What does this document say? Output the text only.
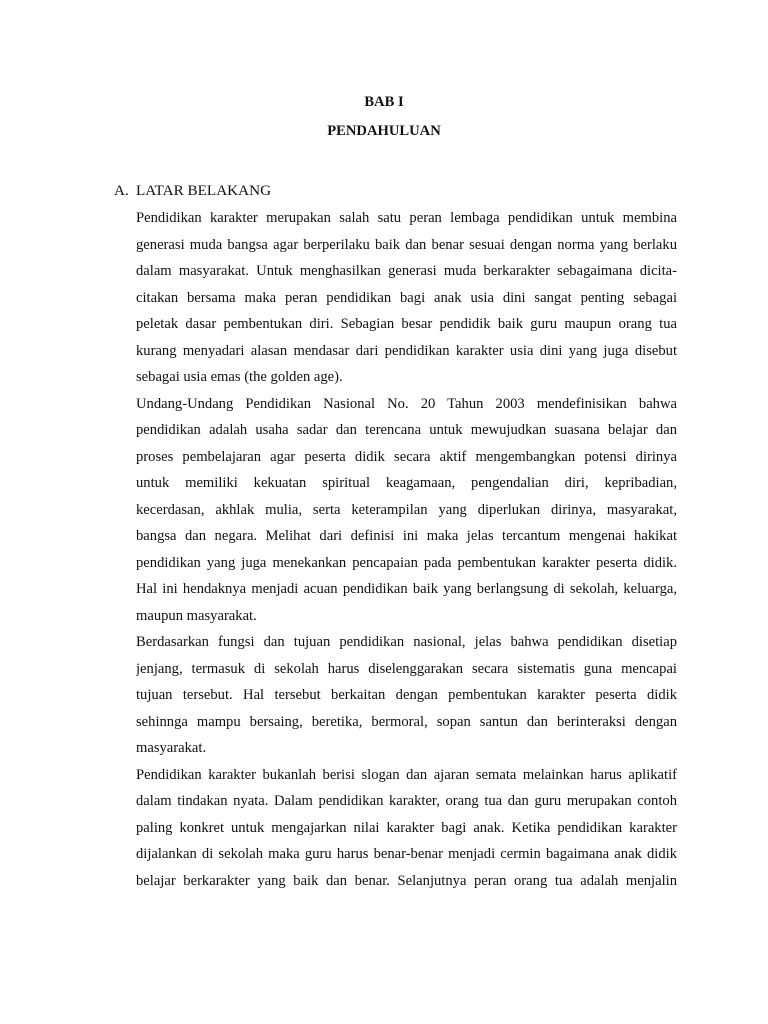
BAB I
PENDAHULUAN
A. LATAR BELAKANG
Pendidikan karakter merupakan salah satu peran lembaga pendidikan untuk membina
generasi muda bangsa agar berperilaku baik dan benar sesuai dengan norma yang berlaku
dalam masyarakat. Untuk menghasilkan generasi muda berkarakter sebagaimana dicita-
citakan bersama maka peran pendidikan bagi anak usia dini sangat penting sebagai
peletak dasar pembentukan diri. Sebagian besar pendidik baik guru maupun orang tua
kurang menyadari alasan mendasar dari pendidikan karakter usia dini yang juga disebut
sebagai usia emas (the golden age).
Undang-Undang Pendidikan Nasional No. 20 Tahun 2003 mendefinisikan bahwa
pendidikan adalah usaha sadar dan terencana untuk mewujudkan suasana belajar dan
proses pembelajaran agar peserta didik secara aktif mengembangkan potensi dirinya
untuk memiliki kekuatan spiritual keagamaan, pengendalian diri, kepribadian,
kecerdasan, akhlak mulia, serta keterampilan yang diperlukan dirinya, masyarakat,
bangsa dan negara. Melihat dari definisi ini maka jelas tercantum mengenai hakikat
pendidikan yang juga menekankan pencapaian pada pembentukan karakter peserta didik.
Hal ini hendaknya menjadi acuan pendidikan baik yang berlangsung di sekolah, keluarga,
maupun masyarakat.
Berdasarkan fungsi dan tujuan pendidikan nasional, jelas bahwa pendidikan disetiap
jenjang, termasuk di sekolah harus diselenggarakan secara sistematis guna mencapai
tujuan tersebut. Hal tersebut berkaitan dengan pembentukan karakter peserta didik
sehinnga mampu bersaing, beretika, bermoral, sopan santun dan berinteraksi dengan
masyarakat.
Pendidikan karakter bukanlah berisi slogan dan ajaran semata melainkan harus aplikatif
dalam tindakan nyata. Dalam pendidikan karakter, orang tua dan guru merupakan contoh
paling konkret untuk mengajarkan nilai karakter bagi anak. Ketika pendidikan karakter
dijalankan di sekolah maka guru harus benar-benar menjadi cermin bagaimana anak didik
belajar berkarakter yang baik dan benar. Selanjutnya peran orang tua adalah menjalin
